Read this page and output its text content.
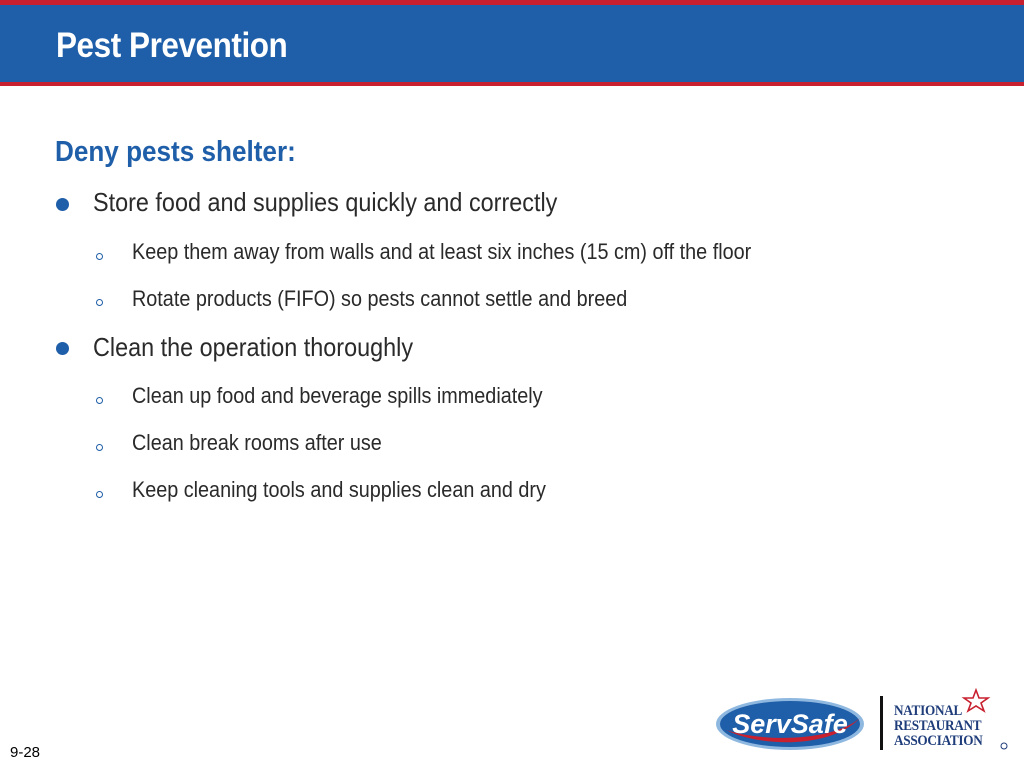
Pest Prevention
Deny pests shelter:
Store food and supplies quickly and correctly
Keep them away from walls and at least six inches (15 cm) off the floor
Rotate products (FIFO) so pests cannot settle and breed
Clean the operation thoroughly
Clean up food and beverage spills immediately
Clean break rooms after use
Keep cleaning tools and supplies clean and dry
9-28
ServSafe	NATIONAL
RESTAURANT
ASSOCIATION
